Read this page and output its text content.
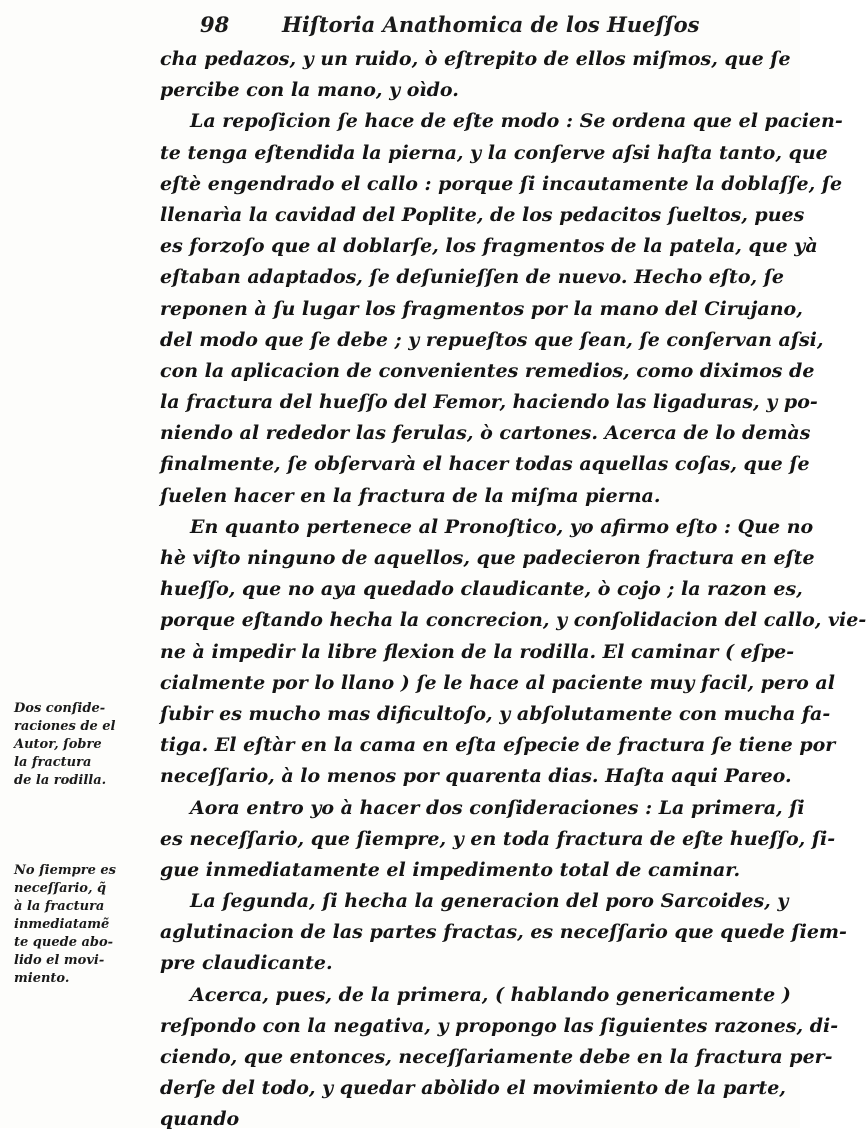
98	Hiſtoria Anathomica de los Hueſſos
cha pedazos, y un ruido, ò eſtrepito de ellos miſmos, que ſe
percibe con la mano, y oìdo.
La repoſicion ſe hace de eſte modo : Se ordena que el pacien-
te tenga eſtendida la pierna, y la conſerve aſsi haſta tanto, que
eſtè engendrado el callo : porque ſi incautamente la doblaſſe, ſe
llenarìa la cavidad del Poplite, de los pedacitos ſueltos, pues
es forzoſo que al doblarſe, los fragmentos de la patela, que yà
eſtaban adaptados, ſe deſunieſſen de nuevo. Hecho eſto, ſe
reponen à ſu lugar los fragmentos por la mano del Cirujano,
del modo que ſe debe ; y repueſtos que ſean, ſe conſervan aſsi,
con la aplicacion de convenientes remedios, como diximos de
la fractura del hueſſo del Femor, haciendo las ligaduras, y po-
niendo al rededor las ferulas, ò cartones. Acerca de lo demàs
finalmente, ſe obſervarà el hacer todas aquellas coſas, que ſe
ſuelen hacer en la fractura de la miſma pierna.
En quanto pertenece al Pronoſtico, yo afirmo eſto : Que no
hè viſto ninguno de aquellos, que padecieron fractura en eſte
hueſſo, que no aya quedado claudicante, ò cojo ; la razon es,
porque eſtando hecha la concrecion, y conſolidacion del callo, vie-
ne à impedir la libre flexion de la rodilla. El caminar ( eſpe-
cialmente por lo llano ) ſe le hace al paciente muy facil, pero al
ſubir es mucho mas dificultoſo, y abſolutamente con mucha fa-
tiga. El eſtàr en la cama en eſta eſpecie de fractura ſe tiene por
neceſſario, à lo menos por quarenta dias. Haſta aqui Pareo.
Aora entro yo à hacer dos conſideraciones : La primera, ſi
es neceſſario, que ſiempre, y en toda fractura de eſte hueſſo, ſi-
gue inmediatamente el impedimento total de caminar.
La ſegunda, ſi hecha la generacion del poro Sarcoides, y
aglutinacion de las partes fractas, es neceſſario que quede ſiem-
pre claudicante.
Acerca, pues, de la primera, ( hablando genericamente )
reſpondo con la negativa, y propongo las ſiguientes razones, di-
ciendo, que entonces, neceſſariamente debe en la fractura per-
derſe del todo, y quedar abòlido el movimiento de la parte,
quando
Dos conſide-
raciones de el
Autor, ſobre
la fractura
de la rodilla.
No ſiempre es
neceſſario, q̃
à la fractura
inmediatamẽ
te quede abo-
lido el movi-
miento.
